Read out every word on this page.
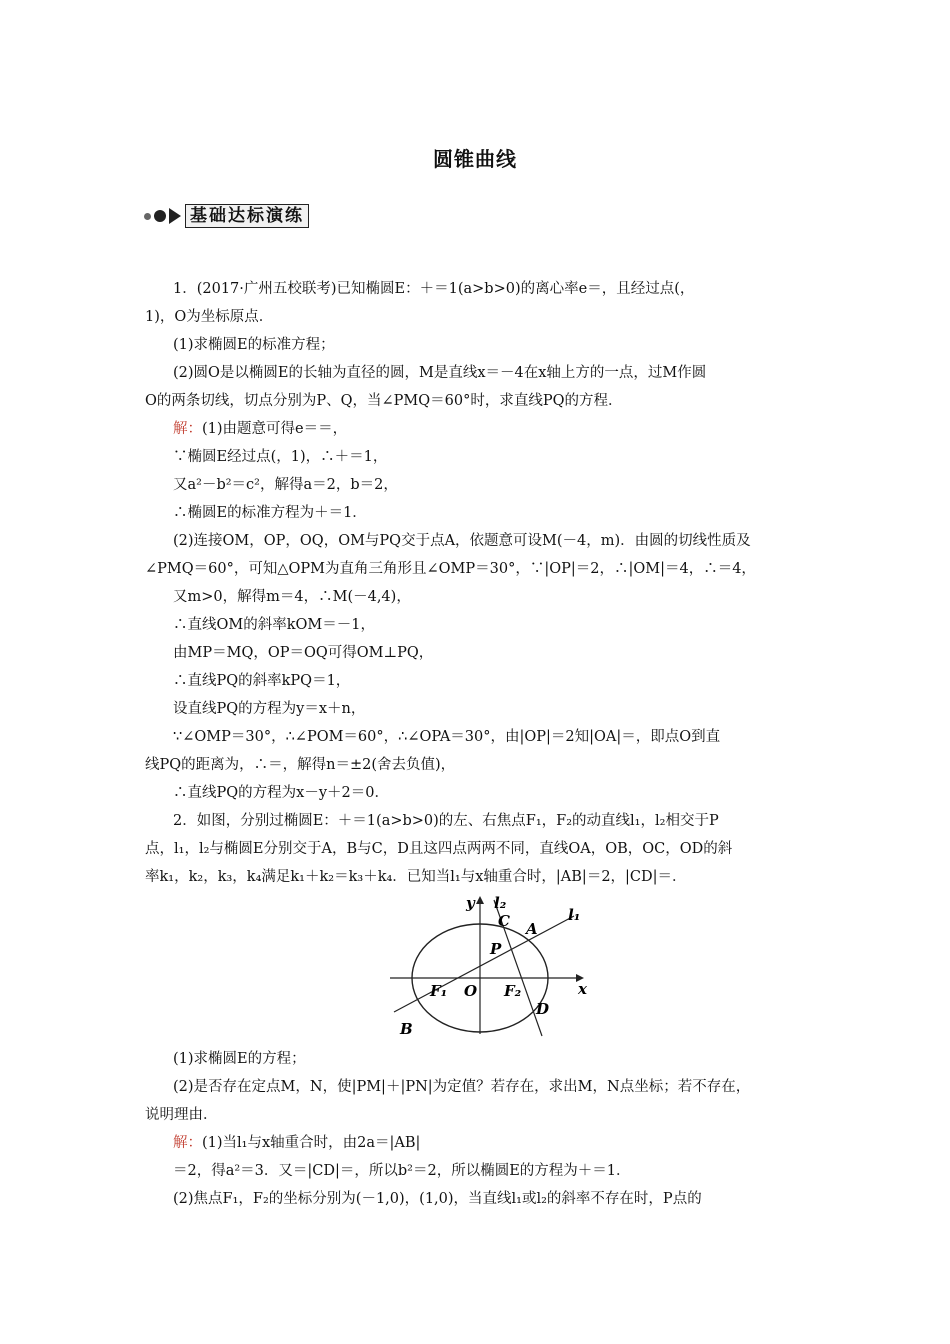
圆锥曲线
基础达标演练
1．(2017·广州五校联考)已知椭圆E：＋＝1(a>b>0)的离心率e＝，且经过点(，
1)，O为坐标原点．
(1)求椭圆E的标准方程；
(2)圆O是以椭圆E的长轴为直径的圆，M是直线x＝－4在x轴上方的一点，过M作圆
O的两条切线，切点分别为P、Q，当∠PMQ＝60°时，求直线PQ的方程．
解：(1)由题意可得e＝＝，
∵椭圆E经过点(，1)，∴＋＝1，
又a²－b²＝c²，解得a＝2，b＝2，
∴椭圆E的标准方程为＋＝1．
(2)连接OM，OP，OQ，OM与PQ交于点A，依题意可设M(－4，m)．由圆的切线性质及
∠PMQ＝60°，可知△OPM为直角三角形且∠OMP＝30°，∵|OP|＝2，∴|OM|＝4，∴＝4，
又m>0，解得m＝4，∴M(－4,4)，
∴直线OM的斜率kOM＝－1，
由MP＝MQ，OP＝OQ可得OM⊥PQ，
∴直线PQ的斜率kPQ＝1，
设直线PQ的方程为y＝x＋n，
∵∠OMP＝30°，∴∠POM＝60°，∴∠OPA＝30°，由|OP|＝2知|OA|＝，即点O到直
线PQ的距离为，∴＝，解得n＝±2(舍去负值)，
∴直线PQ的方程为x－y＋2＝0．
2．如图，分别过椭圆E：＋＝1(a>b>0)的左、右焦点F₁，F₂的动直线l₁，l₂相交于P
点，l₁，l₂与椭圆E分别交于A，B与C，D且这四点两两不同，直线OA，OB，OC，OD的斜
率k₁，k₂，k₃，k₄满足k₁＋k₂＝k₃＋k₄．已知当l₁与x轴重合时，|AB|＝2，|CD|＝．
y l₂
l₁
C A
P
F₁ O F₂	x
B
D
(1)求椭圆E的方程；
(2)是否存在定点M，N，使|PM|＋|PN|为定值？若存在，求出M，N点坐标；若不存在，
说明理由．
解：(1)当l₁与x轴重合时，由2a＝|AB|
＝2，得a²＝3．又＝|CD|＝，所以b²＝2，所以椭圆E的方程为＋＝1．
(2)焦点F₁，F₂的坐标分别为(－1,0)，(1,0)，当直线l₁或l₂的斜率不存在时，P点的
